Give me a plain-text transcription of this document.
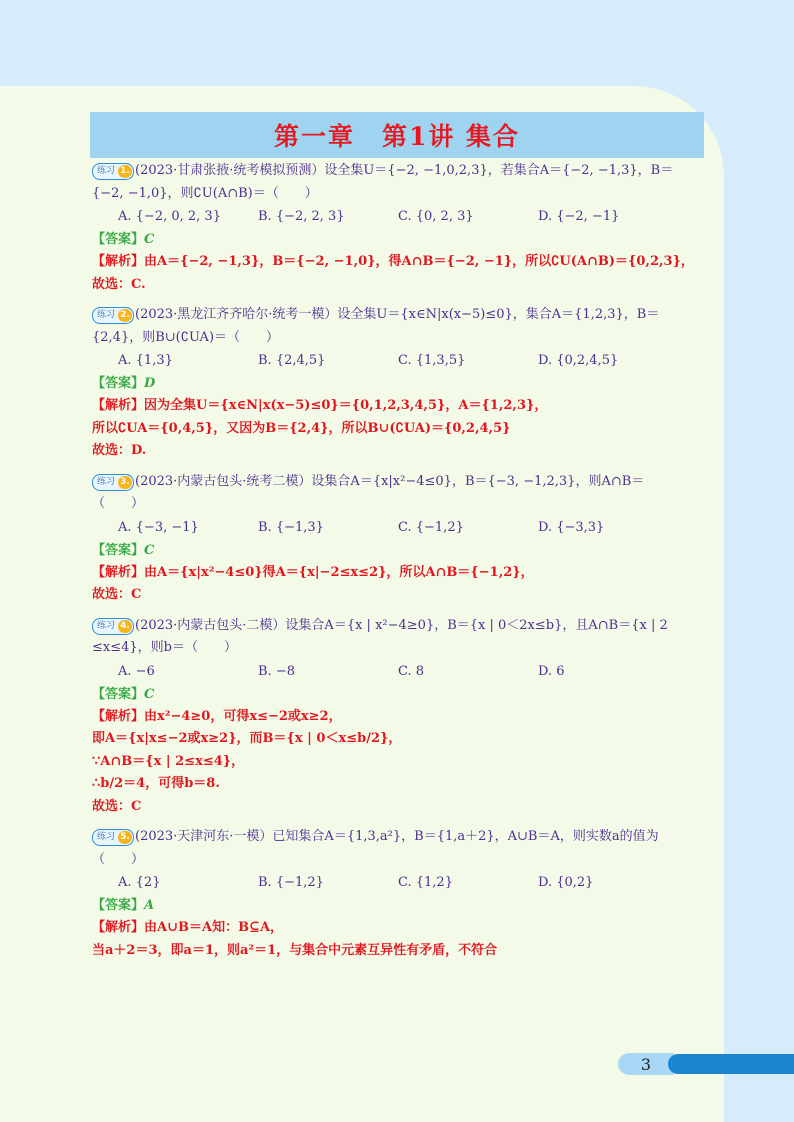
第一章　第1讲 集合
练习 1. (2023·甘肃张掖·统考模拟预测）设全集U＝{−2, −1,0,2,3}，若集合A＝{−2, −1,3}，B＝
{−2, −1,0}，则∁U(A∩B)＝（　　）
A. {−2, 0, 2, 3}	B. {−2, 2, 3}	C. {0, 2, 3}	D. {−2, −1}
【答案】C
【解析】由A＝{−2, −1,3}，B＝{−2, −1,0}，得A∩B＝{−2, −1}，所以∁U(A∩B)＝{0,2,3}，
故选：C.
练习 2. (2023·黑龙江齐齐哈尔·统考一模）设全集U＝{x∈N|x(x−5)≤0}，集合A＝{1,2,3}，B＝
{2,4}，则B∪(∁UA)＝（　　）
A. {1,3}	B. {2,4,5}	C. {1,3,5}	D. {0,2,4,5}
【答案】D
【解析】因为全集U＝{x∈N|x(x−5)≤0}＝{0,1,2,3,4,5}，A＝{1,2,3}，
所以∁UA＝{0,4,5}，又因为B＝{2,4}，所以B∪(∁UA)＝{0,2,4,5}
故选：D.
练习 3. (2023·内蒙古包头·统考二模）设集合A＝{x|x²−4≤0}，B＝{−3, −1,2,3}，则A∩B＝
（　　）
A. {−3, −1}	B. {−1,3}	C. {−1,2}	D. {−3,3}
【答案】C
【解析】由A＝{x|x²−4≤0}得A＝{x|−2≤x≤2}，所以A∩B＝{−1,2}，
故选：C
练习 4. (2023·内蒙古包头·二模）设集合A＝{x | x²−4≥0}，B＝{x | 0＜2x≤b}，且A∩B＝{x | 2
≤x≤4}，则b＝（　　）
A. −6	B. −8	C. 8	D. 6
【答案】C
【解析】由x²−4≥0，可得x≤−2或x≥2，
即A＝{x|x≤−2或x≥2}，而B＝{x | 0＜x≤b/2}，
∵A∩B＝{x | 2≤x≤4}，
∴b/2＝4，可得b＝8.
故选：C
练习 5. (2023·天津河东·一模）已知集合A＝{1,3,a²}，B＝{1,a＋2}，A∪B＝A，则实数a的值为
（　　）
A. {2}	B. {−1,2}	C. {1,2}	D. {0,2}
【答案】A
【解析】由A∪B＝A知：B⊆A，
当a＋2＝3，即a＝1，则a²＝1，与集合中元素互异性有矛盾，不符合
3
